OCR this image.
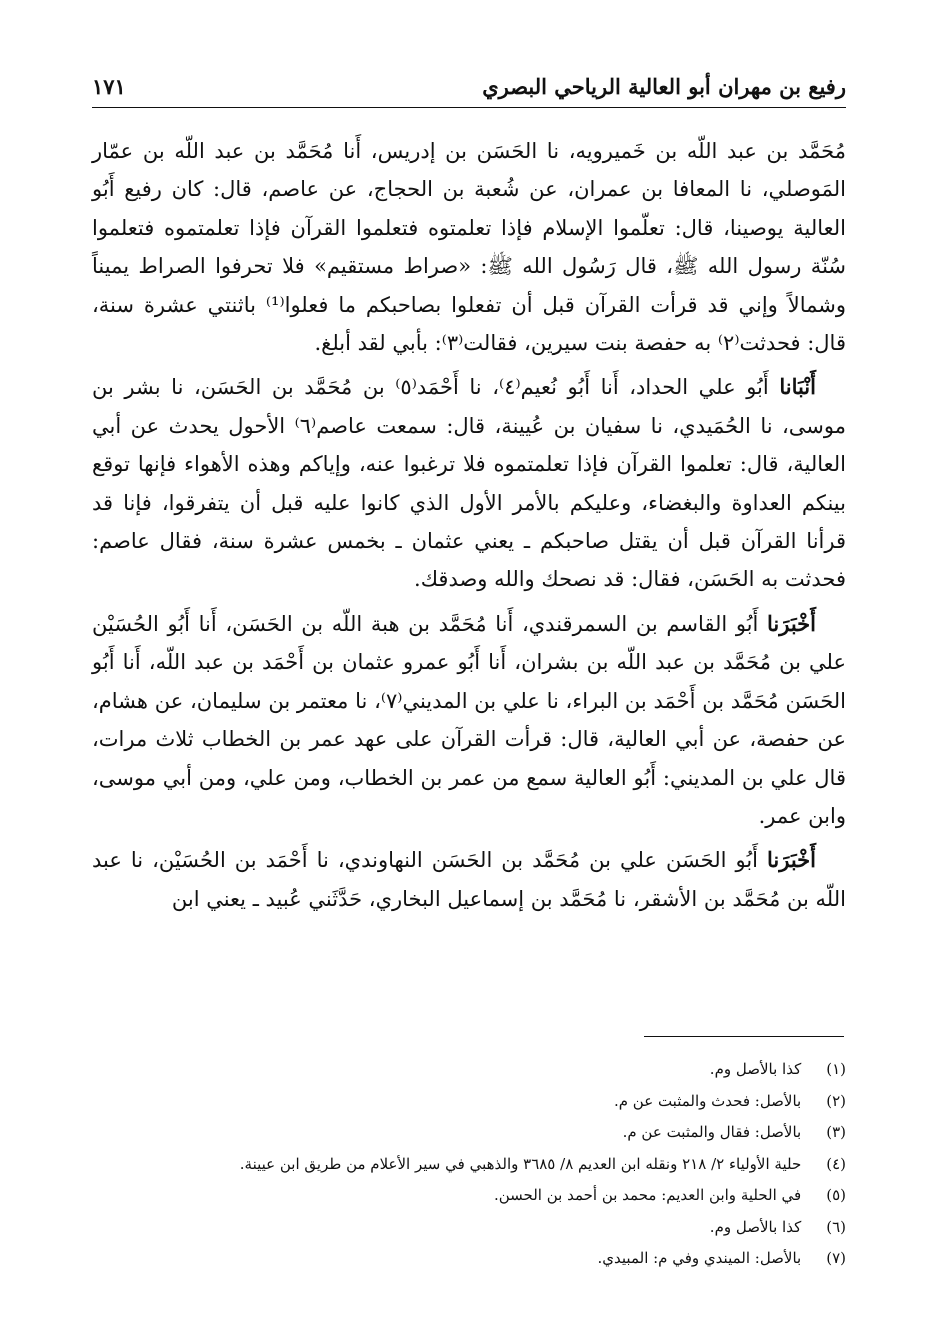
رفيع بن مهران أبو العالية الرياحي البصري
١٧١

مُحَمَّد بن عبد اللّه بن خَميرويه، نا الحَسَن بن إدريس، أَنا مُحَمَّد بن عبد اللّه بن عمّار المَوصلي، نا المعافا بن عمران، عن شُعبة بن الحجاج، عن عاصم، قال: كان رفيع أَبُو العالية يوصينا، قال: تعلّموا الإسلام فإذا تعلمتوه فتعلموا القرآن فإذا تعلمتموه فتعلموا سُنّة رسول الله ﷺ، قال رَسُول الله ﷺ: «صراط مستقيم» فلا تحرفوا الصراط يميناً وشمالاً وإني قد قرأت القرآن قبل أن تفعلوا بصاحبكم ما فعلوا⁽¹⁾ باثنتي عشرة سنة، قال: فحدثت⁽٢⁾ به حفصة بنت سيرين، فقالت⁽٣⁾: بأبي لقد أبلغ.

أَنْبَانا أَبُو علي الحداد، أَنا أَبُو نُعيم⁽٤⁾، نا أَحْمَد⁽٥⁾ بن مُحَمَّد بن الحَسَن، نا بشر بن موسى، نا الحُمَيدي، نا سفيان بن عُيينة، قال: سمعت عاصم⁽٦⁾ الأحول يحدث عن أبي العالية، قال: تعلموا القرآن فإذا تعلمتموه فلا ترغبوا عنه، وإياكم وهذه الأهواء فإنها توقع بينكم العداوة والبغضاء، وعليكم بالأمر الأول الذي كانوا عليه قبل أن يتفرقوا، فإنا قد قرأنا القرآن قبل أن يقتل صاحبكم ـ يعني عثمان ـ بخمس عشرة سنة، فقال عاصم: فحدثت به الحَسَن، فقال: قد نصحك والله وصدقك.

أَخْبَرَنا أَبُو القاسم بن السمرقندي، أَنا مُحَمَّد بن هبة اللّه بن الحَسَن، أَنا أَبُو الحُسَيْن علي بن مُحَمَّد بن عبد اللّه بن بشران، أَنا أَبُو عمرو عثمان بن أَحْمَد بن عبد اللّه، أَنا أَبُو الحَسَن مُحَمَّد بن أَحْمَد بن البراء، نا علي بن المديني⁽٧⁾، نا معتمر بن سليمان، عن هشام، عن حفصة، عن أبي العالية، قال: قرأت القرآن على عهد عمر بن الخطاب ثلاث مرات، قال علي بن المديني: أَبُو العالية سمع من عمر بن الخطاب، ومن علي، ومن أبي موسى، وابن عمر.

أَخْبَرَنا أَبُو الحَسَن علي بن مُحَمَّد بن الحَسَن النهاوندي، نا أَحْمَد بن الحُسَيْن، نا عبد اللّه بن مُحَمَّد بن الأشقر، نا مُحَمَّد بن إسماعيل البخاري، حَدَّثَني عُبيد ـ يعني ابن

(١) كذا بالأصل وم.
(٢) بالأصل: فحدث والمثبت عن م.
(٣) بالأصل: فقال والمثبت عن م.
(٤) حلية الأولياء ٢/ ٢١٨ ونقله ابن العديم ٨/ ٣٦٨٥ والذهبي في سير الأعلام من طريق ابن عيينة.
(٥) في الحلية وابن العديم: محمد بن أحمد بن الحسن.
(٦) كذا بالأصل وم.
(٧) بالأصل: الميندي وفي م: المبيدي.
